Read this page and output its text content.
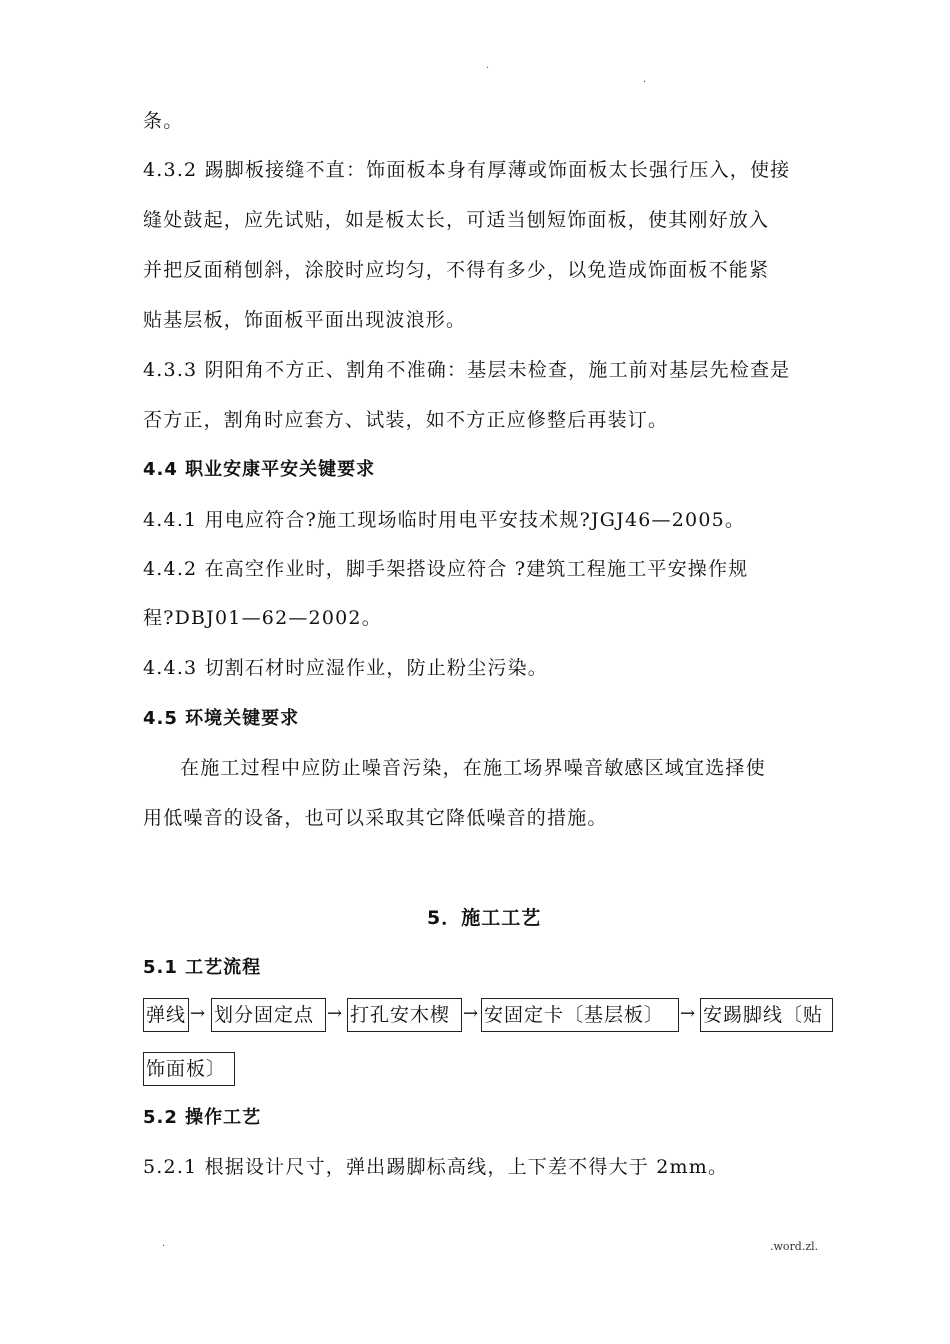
.
.
条。
4.3.2 踢脚板接缝不直：饰面板本身有厚薄或饰面板太长强行压入，使接
缝处鼓起，应先试贴，如是板太长，可适当刨短饰面板，使其刚好放入
并把反面稍刨斜，涂胶时应均匀，不得有多少，以免造成饰面板不能紧
贴基层板，饰面板平面出现波浪形。
4.3.3 阴阳角不方正、割角不准确：基层未检查，施工前对基层先检查是
否方正，割角时应套方、试装，如不方正应修整后再装订。
4.4 职业安康平安关键要求
4.4.1 用电应符合?施工现场临时用电平安技术规?JGJ46—2005。
4.4.2 在高空作业时，脚手架搭设应符合 ?建筑工程施工平安操作规
程?DBJ01—62—2002。
4.4.3 切割石材时应湿作业，防止粉尘污染。
4.5 环境关键要求
在施工过程中应防止噪音污染，在施工场界噪音敏感区域宜选择使
用低噪音的设备，也可以采取其它降低噪音的措施。
5．施工工艺
5.1 工艺流程
弹线 → 划分固定点 → 打孔安木楔 → 安固定卡〔基层板〕 → 安踢脚线〔贴
饰面板〕
5.2 操作工艺
5.2.1 根据设计尺寸，弹出踢脚标高线，上下差不得大于 2mm。
.	.word.zl.
